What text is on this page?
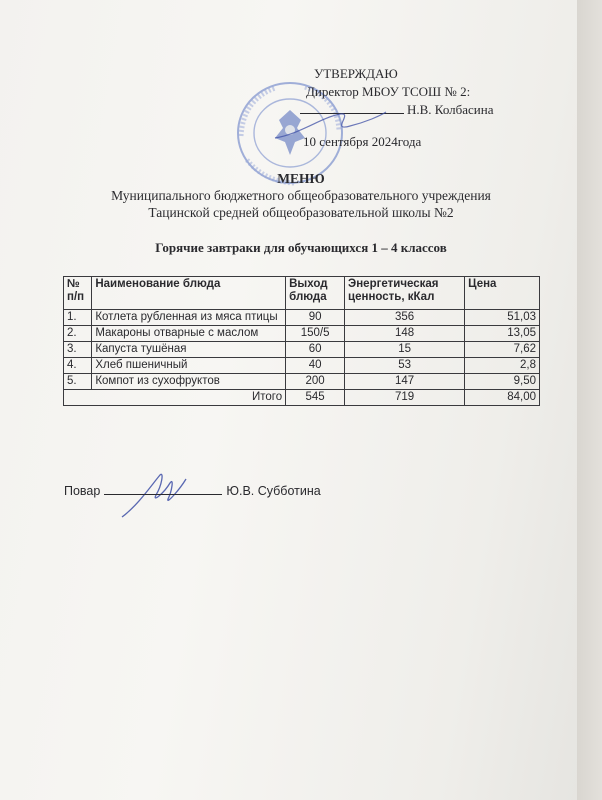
УТВЕРЖДАЮ
Директор МБОУ ТСОШ № 2:
Н.В. Колбасина
10 сентября 2024года
МЕНЮ
Муниципального бюджетного общеобразовательного учреждения
Тацинской средней общеобразовательной школы №2
Горячие завтраки для обучающихся 1 – 4 классов
№ п/п	Наименование блюда	Выход блюда	Энергетическая ценность, кКал	Цена
1.	Котлета рубленная из мяса птицы	90	356	51,03
2.	Макароны отварные с маслом	150/5	148	13,05
3.	Капуста тушёная	60	15	7,62
4.	Хлеб пшеничный	40	53	2,8
5.	Компот из сухофруктов	200	147	9,50
Итого		545	719	84,00
Повар	Ю.В. Субботина
